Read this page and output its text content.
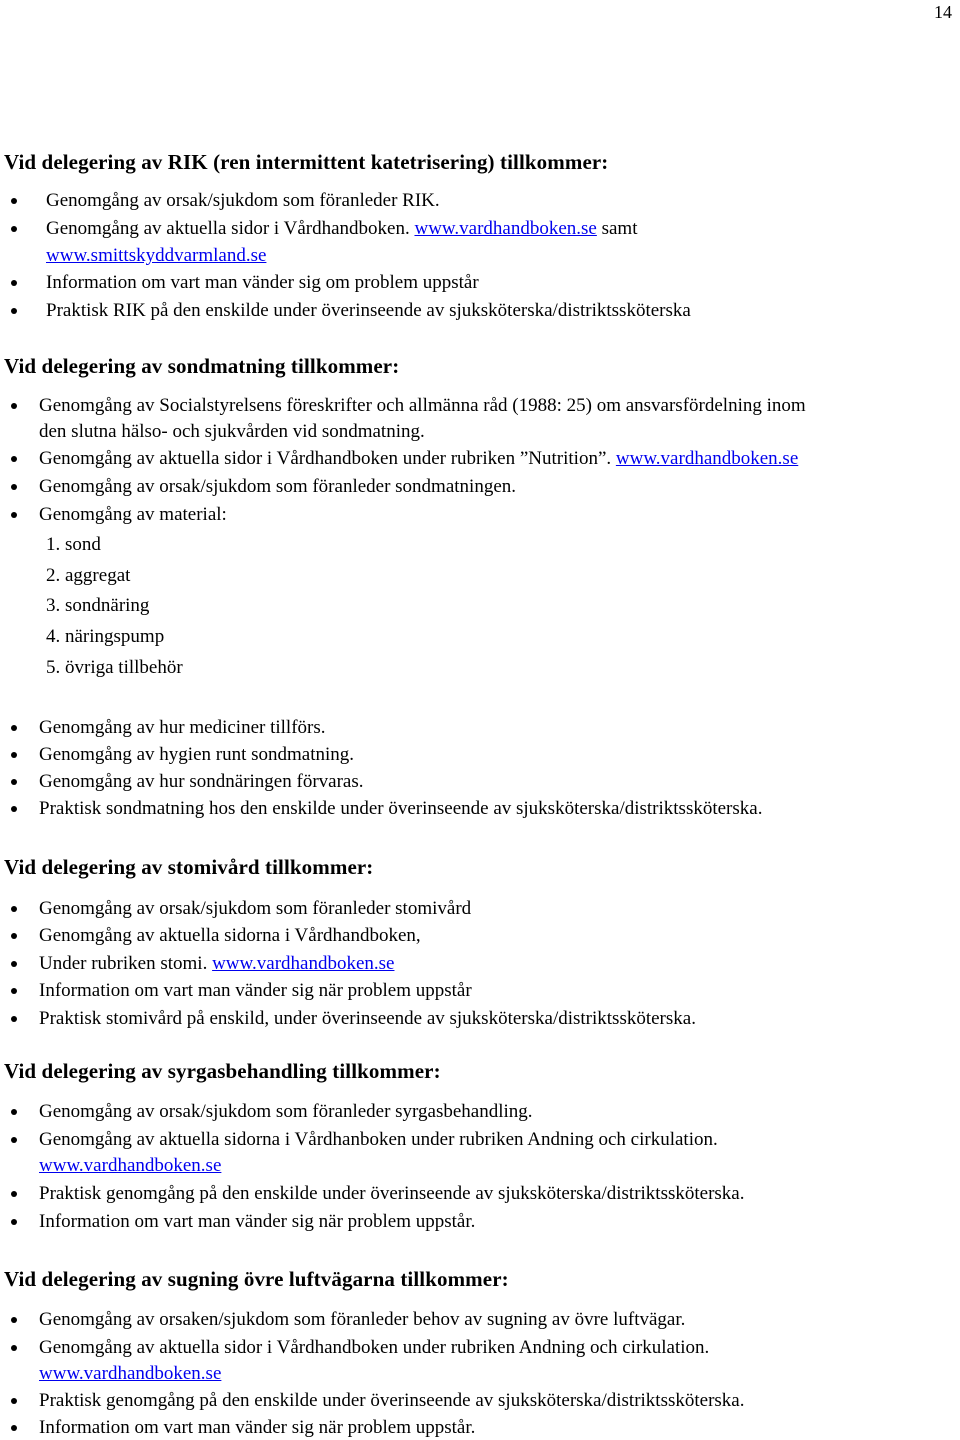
14
Vid delegering av RIK (ren intermittent katetrisering) tillkommer:
Genomgång av orsak/sjukdom som föranleder RIK.
Genomgång av aktuella sidor i Vårdhandboken. www.vardhandboken.se samt
www.smittskyddvarmland.se
Information om vart man vänder sig om problem uppstår
Praktisk RIK på den enskilde under överinseende av sjuksköterska/distriktssköterska
Vid delegering av sondmatning tillkommer:
Genomgång av Socialstyrelsens föreskrifter och allmänna råd (1988: 25) om ansvarsfördelning inom
den slutna hälso- och sjukvården vid sondmatning.
Genomgång av aktuella sidor i Vårdhandboken under rubriken ”Nutrition”. www.vardhandboken.se
Genomgång av orsak/sjukdom som föranleder sondmatningen.
Genomgång av material:
1. sond
2. aggregat
3. sondnäring
4. näringspump
5. övriga tillbehör
Genomgång av hur mediciner tillförs.
Genomgång av hygien runt sondmatning.
Genomgång av hur sondnäringen förvaras.
Praktisk sondmatning hos den enskilde under överinseende av sjuksköterska/distriktssköterska.
Vid delegering av stomivård tillkommer:
Genomgång av orsak/sjukdom som föranleder stomivård
Genomgång av aktuella sidorna i Vårdhandboken,
Under rubriken stomi. www.vardhandboken.se
Information om vart man vänder sig när problem uppstår
Praktisk stomivård på enskild, under överinseende av sjuksköterska/distriktssköterska.
Vid delegering av syrgasbehandling tillkommer:
Genomgång av orsak/sjukdom som föranleder syrgasbehandling.
Genomgång av aktuella sidorna i Vårdhanboken under rubriken Andning och cirkulation.
www.vardhandboken.se
Praktisk genomgång på den enskilde under överinseende av sjuksköterska/distriktssköterska.
Information om vart man vänder sig när problem uppstår.
Vid delegering av sugning övre luftvägarna tillkommer:
Genomgång av orsaken/sjukdom som föranleder behov av sugning av övre luftvägar.
Genomgång av aktuella sidor i Vårdhandboken under rubriken Andning och cirkulation.
www.vardhandboken.se
Praktisk genomgång på den enskilde under överinseende av sjuksköterska/distriktssköterska.
Information om vart man vänder sig när problem uppstår.
